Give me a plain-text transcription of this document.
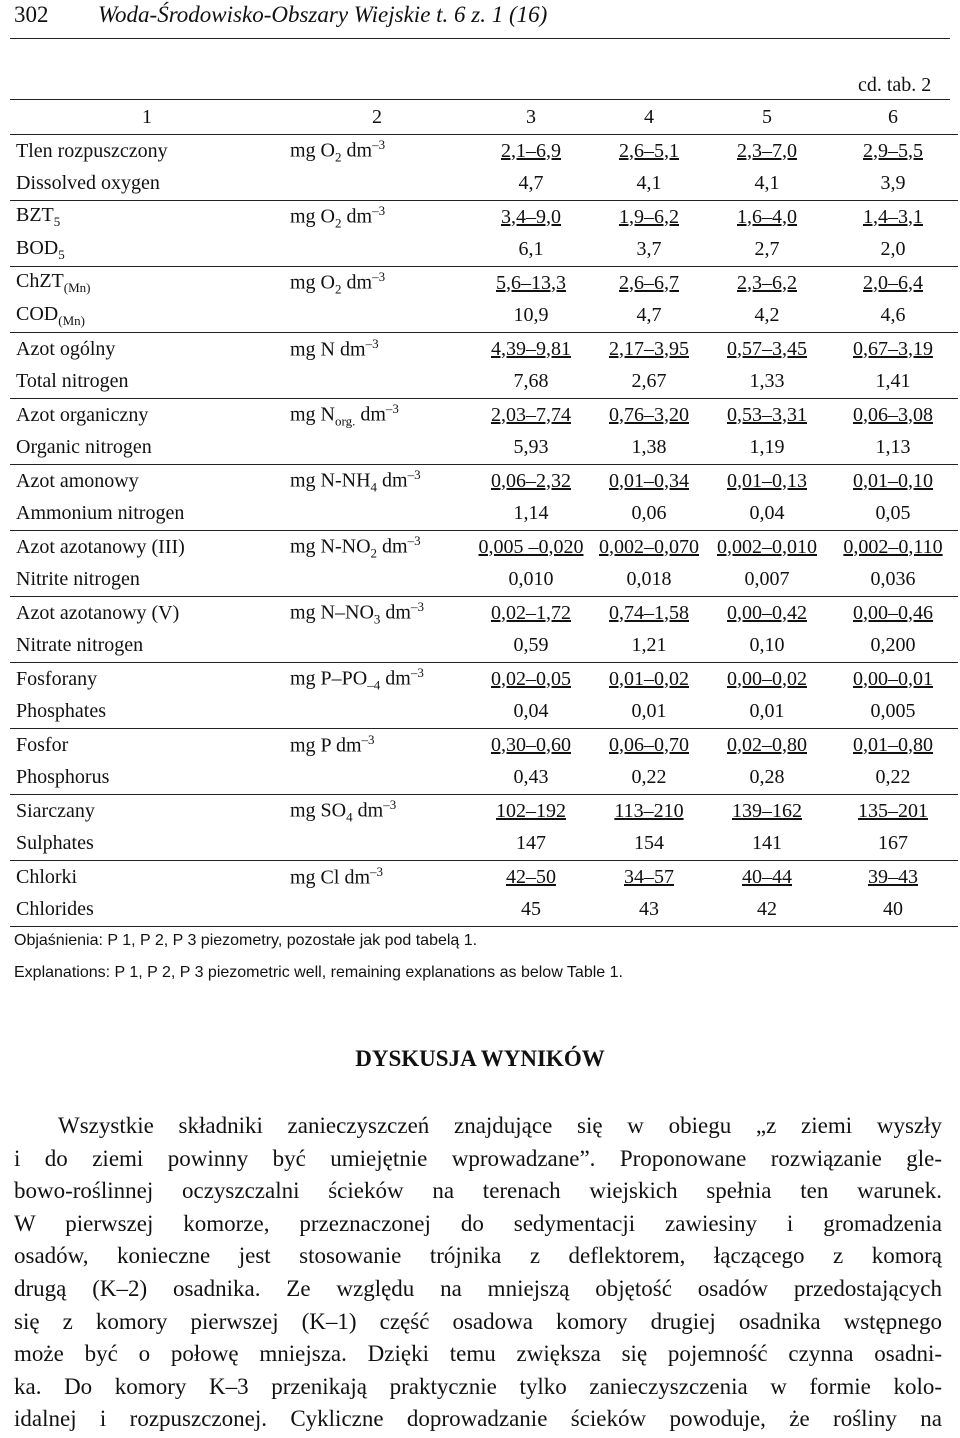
302 Woda-Środowisko-Obszary Wiejskie t. 6 z. 1 (16)
cd. tab. 2
1	2	3	4	5	6
Tlen rozpuszczony	mg $O_2$ $dm^{-3}$	2,1–6,9	2,6–5,1	2,3–7,0	2,9–5,5
Dissolved oxygen		4,7	4,1	4,1	3,9
$BZT_5$	mg $O_2$ $dm^{-3}$	3,4–9,0	1,9–6,2	1,6–4,0	1,4–3,1
$BOD_5$		6,1	3,7	2,7	2,0
ChZT$_{(Mn)}$	mg $O_2$ $dm^{-3}$	5,6–13,3	2,6–6,7	2,3–6,2	2,0–6,4
$COD_{(Mn)}$		10,9	4,7	4,2	4,6
Azot ogólny	mg N $dm^{-3}$	4,39–9,81	2,17–3,95	0,57–3,45	0,67–3,19
Total nitrogen		7,68	2,67	1,33	1,41
Azot organiczny	mg $N_{org.}$ $dm^{-3}$	2,03–7,74	0,76–3,20	0,53–3,31	0,06–3,08
Organic nitrogen		5,93	1,38	1,19	1,13
Azot amonowy	mg $N-NH_4$ $dm^{-3}$	0,06–2,32	0,01–0,34	0,01–0,13	0,01–0,10
Ammonium nitrogen		1,14	0,06	0,04	0,05
Azot azotanowy (III)	mg $N-NO_2$ $dm^{-3}$	0,005 –0,020	0,002–0,070	0,002–0,010	0,002–0,110
Nitrite nitrogen		0,010	0,018	0,007	0,036
Azot azotanowy (V)	mg $N-NO_3$ $dm^{-3}$	0,02–1,72	0,74–1,58	0,00–0,42	0,00–0,46
Nitrate nitrogen		0,59	1,21	0,10	0,200
Fosforany	mg $P-PO_{-4}$ $dm^{-3}$	0,02–0,05	0,01–0,02	0,00–0,02	0,00–0,01
Phosphates		0,04	0,01	0,01	0,005
Fosfor	mg P $dm^{-3}$	0,30–0,60	0,06–0,70	0,02–0,80	0,01–0,80
Phosphorus		0,43	0,22	0,28	0,22
Siarczany	mg $SO_4$ $dm^{-3}$	102–192	113–210	139–162	135–201
Sulphates		147	154	141	167
Chlorki	mg Cl $dm^{-3}$	42–50	34–57	40–44	39–43
Chlorides		45	43	42	40
Objaśnienia: P 1, P 2, P 3 piezometry, pozostałe jak pod tabelą 1.
Explanations: P 1, P 2, P 3 piezometric well, remaining explanations as below Table 1.
DYSKUSJA WYNIKÓW
Wszystkie składniki zanieczyszczeń znajdujące się w obiegu „z ziemi wyszły
i do ziemi powinny być umiejętnie wprowadzane”. Proponowane rozwiązanie gle-
bowo-roślinnej oczyszczalni ścieków na terenach wiejskich spełnia ten warunek.
W pierwszej komorze, przeznaczonej do sedymentacji zawiesiny i gromadzenia
osadów, konieczne jest stosowanie trójnika z deflektorem, łączącego z komorą
drugą (K–2) osadnika. Ze względu na mniejszą objętość osadów przedostających
się z komory pierwszej (K–1) część osadowa komory drugiej osadnika wstępnego
może być o połowę mniejsza. Dzięki temu zwiększa się pojemność czynna osadni-
ka. Do komory K–3 przenikają praktycznie tylko zanieczyszczenia w formie kolo-
idalnej i rozpuszczonej. Cykliczne doprowadzanie ścieków powoduje, że rośliny na
